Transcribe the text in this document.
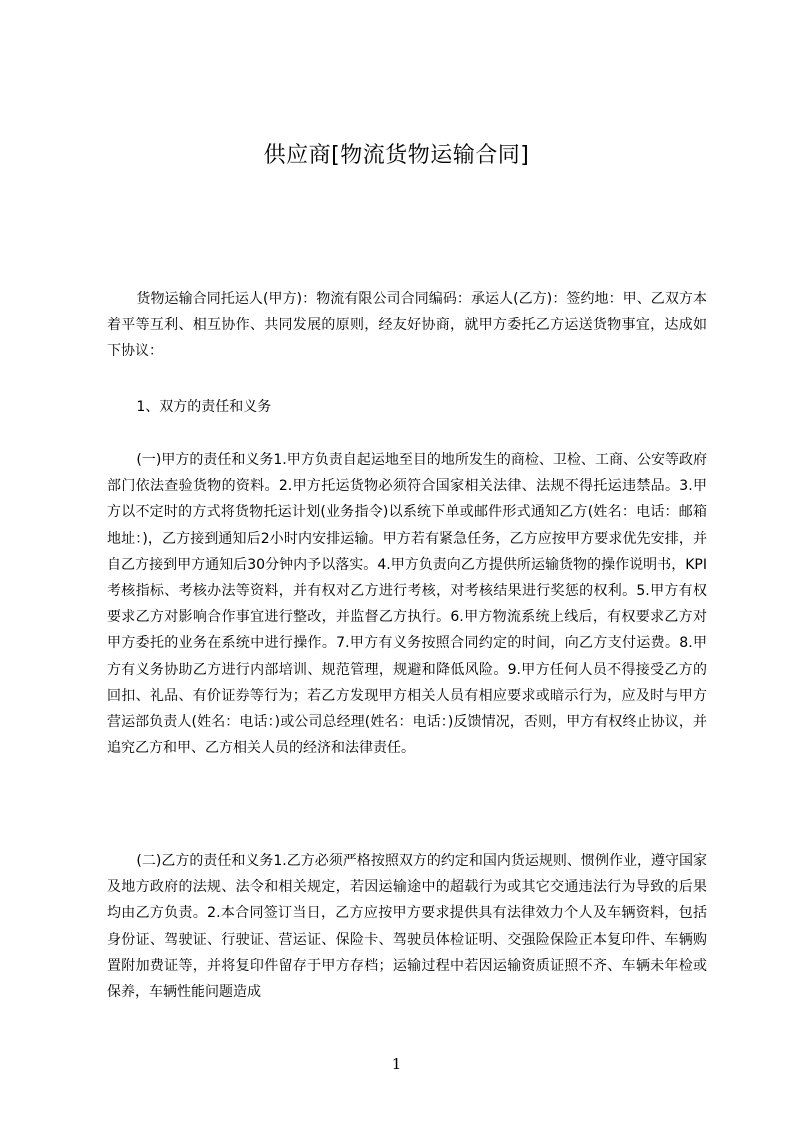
供应商[物流货物运输合同]

货物运输合同托运人(甲方)：物流有限公司合同编码：承运人(乙方)：签约地：甲、乙双方本着平等互利、相互协作、共同发展的原则，经友好协商，就甲方委托乙方运送货物事宜，达成如下协议：

1、双方的责任和义务

(一)甲方的责任和义务1.甲方负责自起运地至目的地所发生的商检、卫检、工商、公安等政府部门依法查验货物的资料。2.甲方托运货物必须符合国家相关法律、法规不得托运违禁品。3.甲方以不定时的方式将货物托运计划(业务指令)以系统下单或邮件形式通知乙方(姓名：电话：邮箱地址：)，乙方接到通知后2小时内安排运输。甲方若有紧急任务，乙方应按甲方要求优先安排，并自乙方接到甲方通知后30分钟内予以落实。4.甲方负责向乙方提供所运输货物的操作说明书，KPI考核指标、考核办法等资料，并有权对乙方进行考核，对考核结果进行奖惩的权利。5.甲方有权要求乙方对影响合作事宜进行整改，并监督乙方执行。6.甲方物流系统上线后，有权要求乙方对甲方委托的业务在系统中进行操作。7.甲方有义务按照合同约定的时间，向乙方支付运费。8.甲方有义务协助乙方进行内部培训、规范管理，规避和降低风险。9.甲方任何人员不得接受乙方的回扣、礼品、有价证券等行为；若乙方发现甲方相关人员有相应要求或暗示行为，应及时与甲方营运部负责人(姓名：电话：)或公司总经理(姓名：电话：)反馈情况，否则，甲方有权终止协议，并追究乙方和甲、乙方相关人员的经济和法律责任。

(二)乙方的责任和义务1.乙方必须严格按照双方的约定和国内货运规则、惯例作业，遵守国家及地方政府的法规、法令和相关规定，若因运输途中的超载行为或其它交通违法行为导致的后果均由乙方负责。2.本合同签订当日，乙方应按甲方要求提供具有法律效力个人及车辆资料，包括身份证、驾驶证、行驶证、营运证、保险卡、驾驶员体检证明、交强险保险正本复印件、车辆购置附加费证等，并将复印件留存于甲方存档；运输过程中若因运输资质证照不齐、车辆未年检或保养，车辆性能问题造成

1
